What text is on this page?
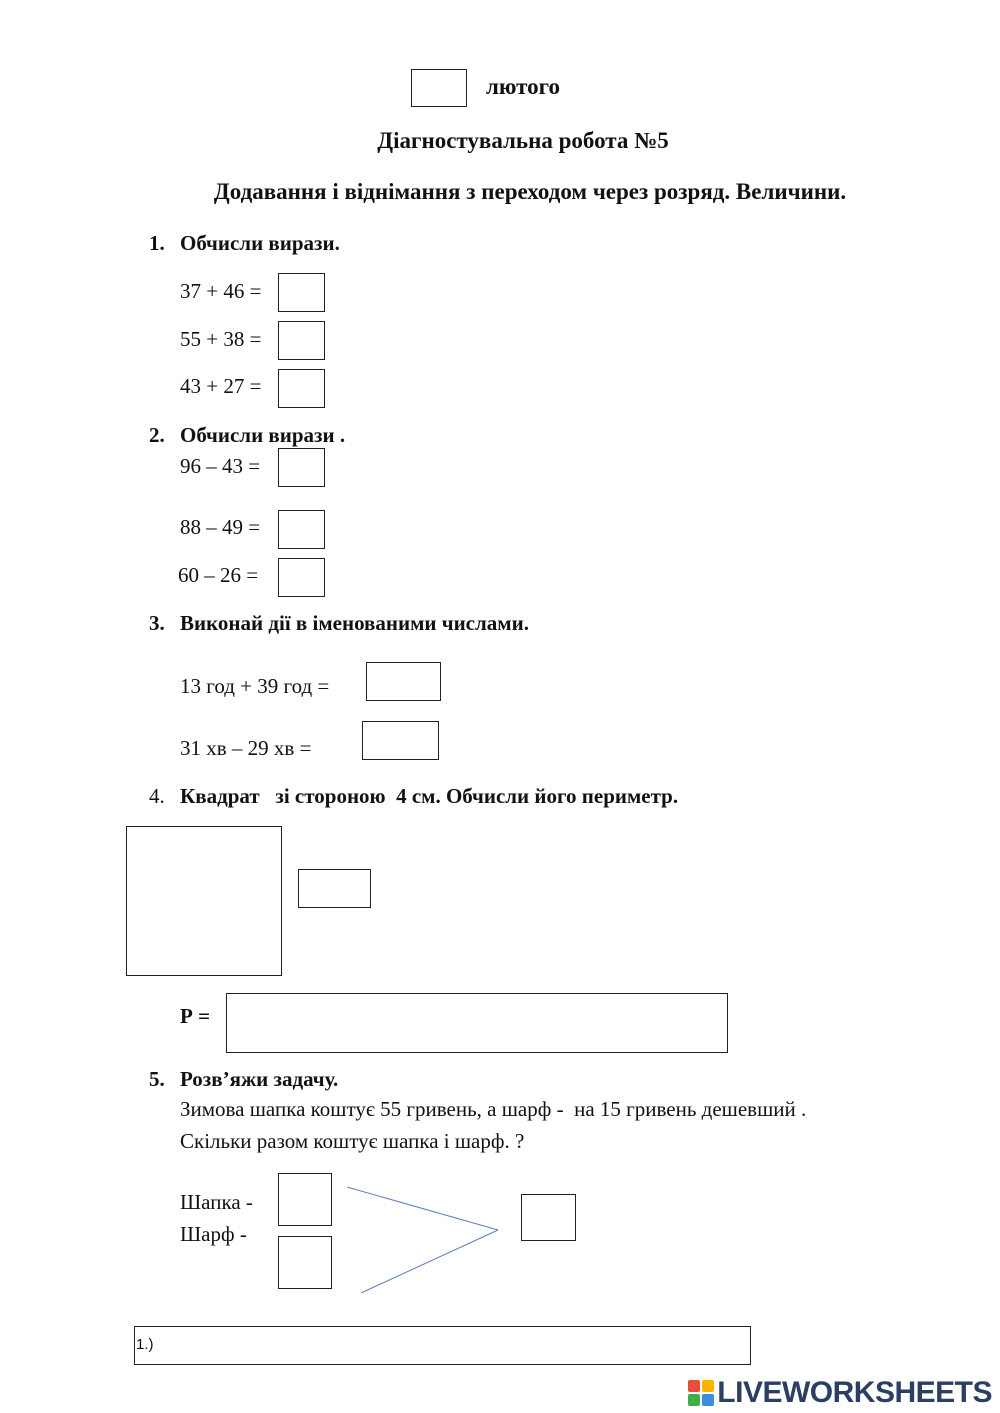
лютого
Діагностувальна робота №5
Додавання і віднімання з переходом через розряд. Величини.
1. Обчисли вирази.
37 + 46 =
55 + 38 =
43 + 27 =
2. Обчисли вирази .
96 – 43 =
88 – 49 =
60 – 26 =
3. Виконай дії в іменованими числами.
13 год + 39 год =
31 хв – 29 хв =
4. Квадрат   зі стороною  4 см. Обчисли його периметр.
Р =
5. Розв’яжи задачу.
Зимова шапка коштує 55 гривень, а шарф -  на 15 гривень дешевший .
Скільки разом коштує шапка і шарф. ?
Шапка -
Шарф -
1.)
LIVEWORKSHEETS
